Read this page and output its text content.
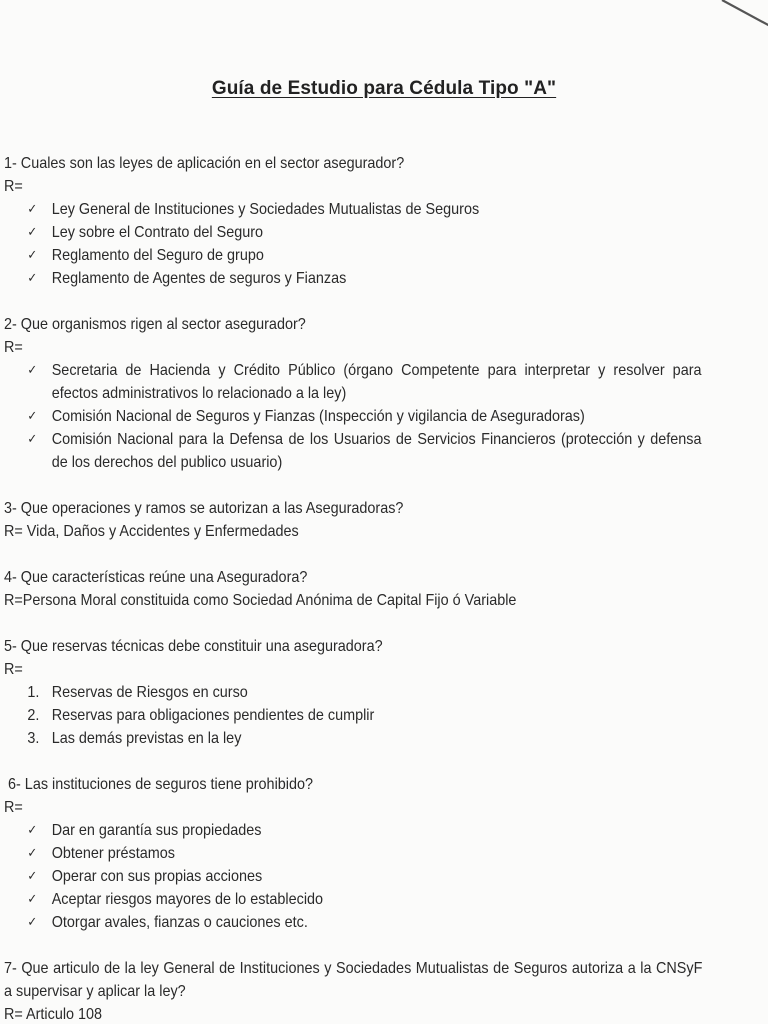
Guía de Estudio para Cédula Tipo "A"
1- Cuales son las leyes de aplicación en el sector asegurador?
R=
✓ Ley General de Instituciones y Sociedades Mutualistas de Seguros
✓ Ley sobre el Contrato del Seguro
✓ Reglamento del Seguro de grupo
✓ Reglamento de Agentes de seguros y Fianzas
2- Que organismos rigen al sector asegurador?
R=
✓ Secretaria de Hacienda y Crédito Público (órgano Competente para interpretar y resolver para efectos administrativos lo relacionado a la ley)
✓ Comisión Nacional de Seguros y Fianzas (Inspección y vigilancia de Aseguradoras)
✓ Comisión Nacional para la Defensa de los Usuarios de Servicios Financieros (protección y defensa de los derechos del publico usuario)
3- Que operaciones y ramos se autorizan a las Aseguradoras?
R= Vida, Daños y Accidentes y Enfermedades
4- Que características reúne una Aseguradora?
R=Persona Moral constituida como Sociedad Anónima de Capital Fijo ó Variable
5- Que reservas técnicas debe constituir una aseguradora?
R=
1. Reservas de Riesgos en curso
2. Reservas para obligaciones pendientes de cumplir
3. Las demás previstas en la ley
6- Las instituciones de seguros tiene prohibido?
R=
✓ Dar en garantía sus propiedades
✓ Obtener préstamos
✓ Operar con sus propias acciones
✓ Aceptar riesgos mayores de lo establecido
✓ Otorgar avales, fianzas o cauciones etc.
7- Que articulo de la ley General de Instituciones y Sociedades Mutualistas de Seguros autoriza a la CNSyF a supervisar y aplicar la ley?
R= Articulo 108
